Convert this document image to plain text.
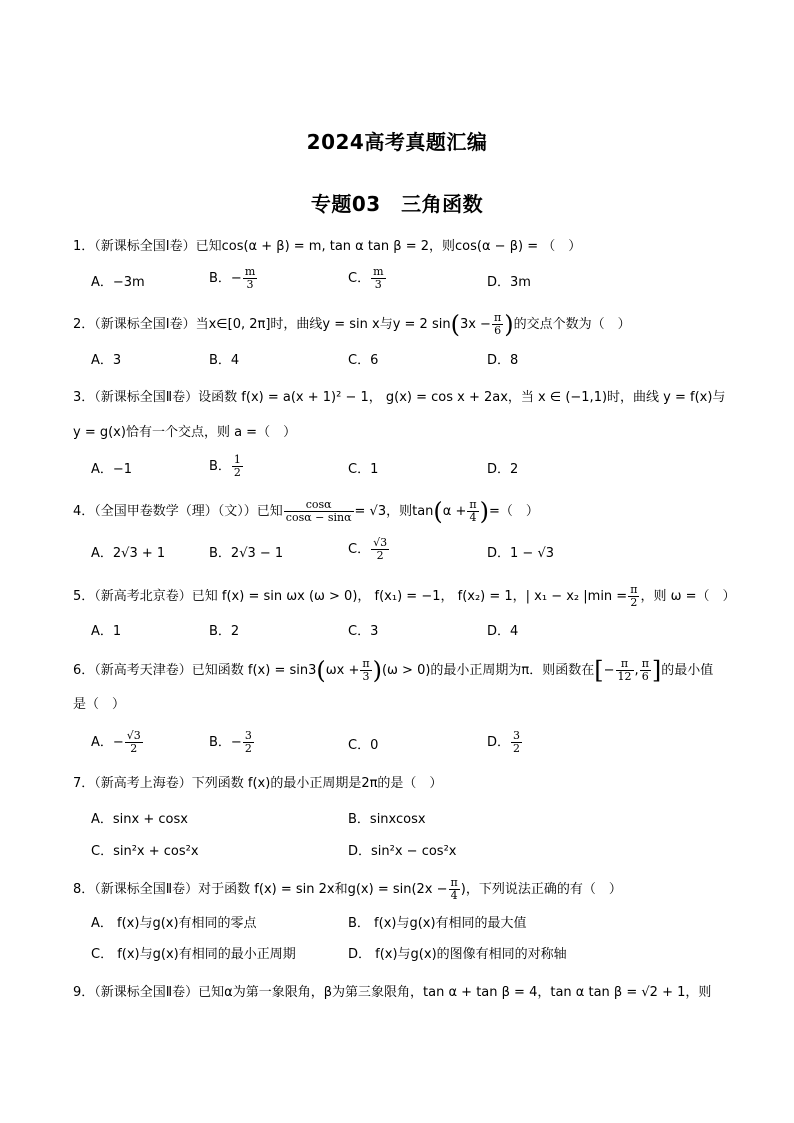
2024高考真题汇编
专题03　三角函数
1．（新课标全国Ⅰ卷）已知cos(α + β) = m, tan α tan β = 2，则cos(α − β) = （　）
A．−3m	B．− $\frac{m}{3}$	C． $\frac{m}{3}$	D．3m
2．（新课标全国Ⅰ卷）当x∈[0, 2π]时，曲线y = sin x与y = 2 $\sin(3x - \frac{\pi}{6}$ )的交点个数为（　）
A．3	B．4	C．6	D．8
3．（新课标全国Ⅱ卷）设函数 f(x) = a(x + 1)² − 1， g(x) = cos x + 2ax，当 x ∈ (−1,1)时，曲线 y = f(x)与
y = g(x)恰有一个交点，则 a =（　）
A．−1	B． $\frac{1}{2}$	C．1	D．2
4．（全国甲卷数学（理）（文））已知 $\frac{\cos\alpha}{\cos\alpha - \sin\alpha} = √3$，则$\tan(\alpha + \frac{\pi}{4}$ )=（　）
A．2√3 + 1	B．2√3 − 1	C． $\frac{√3}{2}$	D．1 − √3
5．（新高考北京卷）已知 f(x) = sin ωx (ω > 0)， f(x₁) = −1， f(x₂) = 1，| x₁ − x₂ $|\min = \frac{\pi}{2}$ ，则 ω =（　）
A．1	B．2	C．3	D．4
6．（新高考天津卷）已知函数 $f(x) = \sin 3(\omega x + \frac{\pi}{3} )(\omega > 0)$的最小正周期为π．则函数在[− $\frac{\pi}{12}$ , $\frac{\pi}{6}$ ]的最小值
是（　）
A．− $\frac{√3}{2}$	B．− $\frac{3}{2}$	C．0	D． $\frac{3}{2}$
7．（新高考上海卷）下列函数 f(x)的最小正周期是2π的是（　）
A．sinx + cosx	B．sinxcosx
C．sin²x + cos²x	D．sin²x − cos²x
8．（新课标全国Ⅱ卷）对于函数 f(x) = sin 2x和$g(x) = \sin(2x - \frac{\pi}{4}$ )，下列说法正确的有（　）
A． f(x)与g(x)有相同的零点	B． f(x)与g(x)有相同的最大值
C． f(x)与g(x)有相同的最小正周期	D． f(x)与g(x)的图像有相同的对称轴
9．（新课标全国Ⅱ卷）已知α为第一象限角，β为第三象限角，tan α + tan β = 4，tan α tan β = √2 + 1，则
